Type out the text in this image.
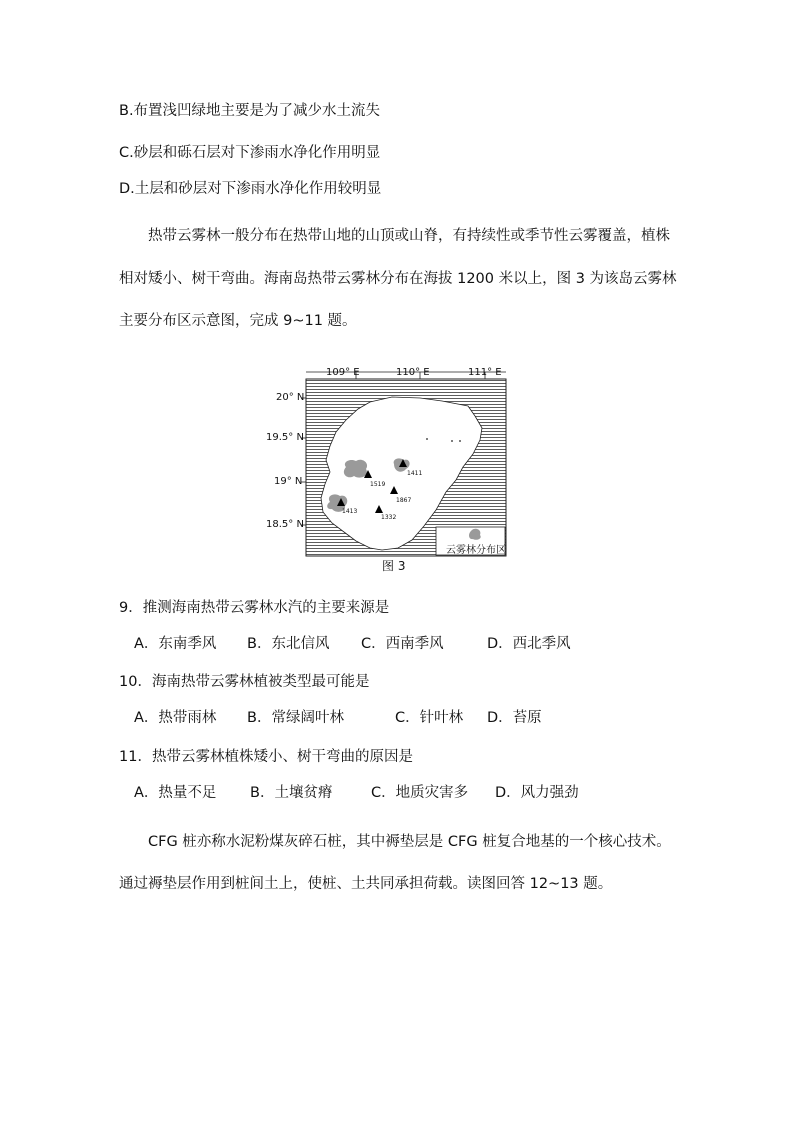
B.布置浅凹绿地主要是为了减少水土流失
C.砂层和砾石层对下渗雨水净化作用明显
D.土层和砂层对下渗雨水净化作用较明显
热带云雾林一般分布在热带山地的山顶或山脊，有持续性或季节性云雾覆盖，植株
相对矮小、树干弯曲。海南岛热带云雾林分布在海拔 1200 米以上，图 3 为该岛云雾林
主要分布区示意图，完成 9~11 题。
109° E	110° E	111° E
20° N
19.5° N
19° N
18.5° N
1411
1519
1867
1413
1332
云雾林分布区
图 3
9．推测海南热带云雾林水汽的主要来源是
A．东南季风 B．东北信风 C．西南季风	D．西北季风
10．海南热带云雾林植被类型最可能是
A．热带雨林 B．常绿阔叶林	C．针叶林 D．苔原
11．热带云雾林植株矮小、树干弯曲的原因是
A．热量不足 B．土壤贫瘠	C．地质灾害多 D．风力强劲
CFG 桩亦称水泥粉煤灰碎石桩，其中褥垫层是 CFG 桩复合地基的一个核心技术。
通过褥垫层作用到桩间土上，使桩、土共同承担荷载。读图回答 12~13 题。
